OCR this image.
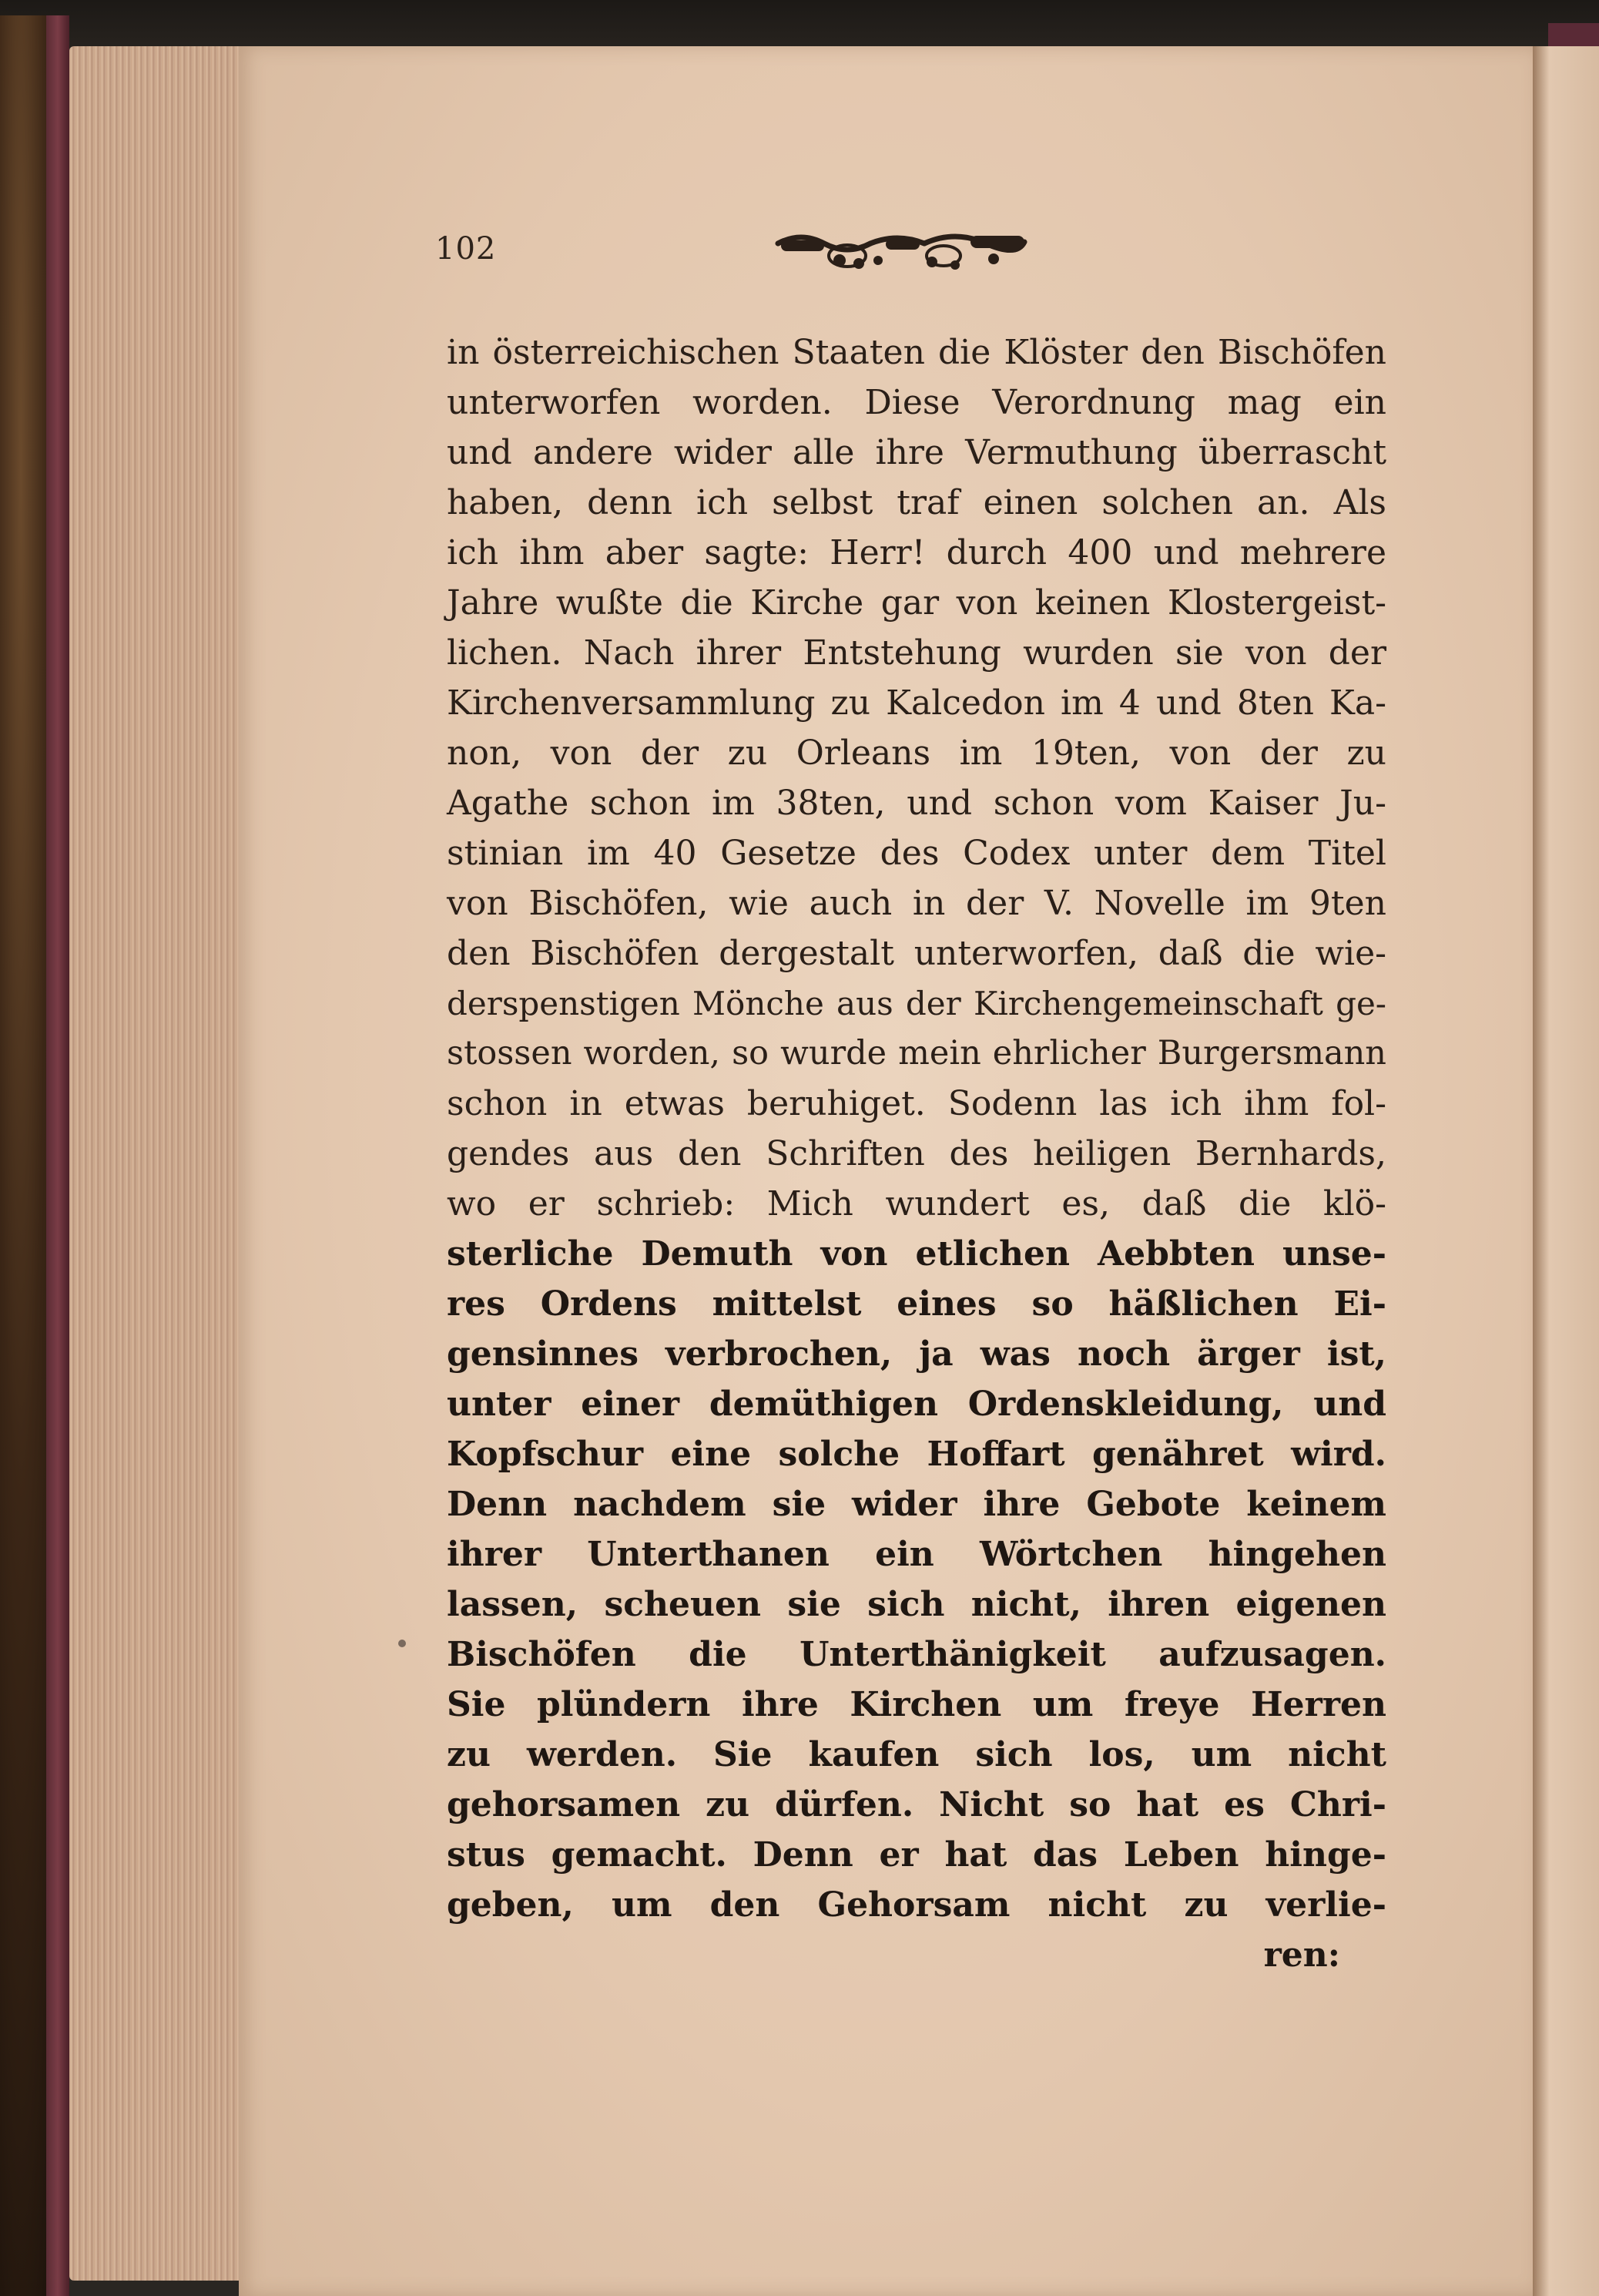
102
in österreichischen Staaten die Klöster den Bischöfen
unterworfen worden. Diese Verordnung mag ein
und andere wider alle ihre Vermuthung überrascht
haben, denn ich selbst traf einen solchen an. Als
ich ihm aber sagte: Herr! durch 400 und mehrere
Jahre wußte die Kirche gar von keinen Klostergeist-
lichen. Nach ihrer Entstehung wurden sie von der
Kirchenversammlung zu Kalcedon im 4 und 8ten Ka-
non, von der zu Orleans im 19ten, von der zu
Agathe schon im 38ten, und schon vom Kaiser Ju-
stinian im 40 Gesetze des Codex unter dem Titel
von Bischöfen, wie auch in der V. Novelle im 9ten
den Bischöfen dergestalt unterworfen, daß die wie-
derspenstigen Mönche aus der Kirchengemeinschaft ge-
stossen worden, so wurde mein ehrlicher Burgersmann
schon in etwas beruhiget. Sodenn las ich ihm fol-
gendes aus den Schriften des heiligen Bernhards,
wo er schrieb: Mich wundert es, daß die klö-
sterliche Demuth von etlichen Aebbten unse-
res Ordens mittelst eines so häßlichen Ei-
gensinnes verbrochen, ja was noch ärger ist,
unter einer demüthigen Ordenskleidung, und
Kopfschur eine solche Hoffart genähret wird.
Denn nachdem sie wider ihre Gebote keinem
ihrer Unterthanen ein Wörtchen hingehen
lassen, scheuen sie sich nicht, ihren eigenen
Bischöfen die Unterthänigkeit aufzusagen.
Sie plündern ihre Kirchen um freye Herren
zu werden. Sie kaufen sich los, um nicht
gehorsamen zu dürfen. Nicht so hat es Chri-
stus gemacht. Denn er hat das Leben hinge-
geben, um den Gehorsam nicht zu verlie-
ren:
